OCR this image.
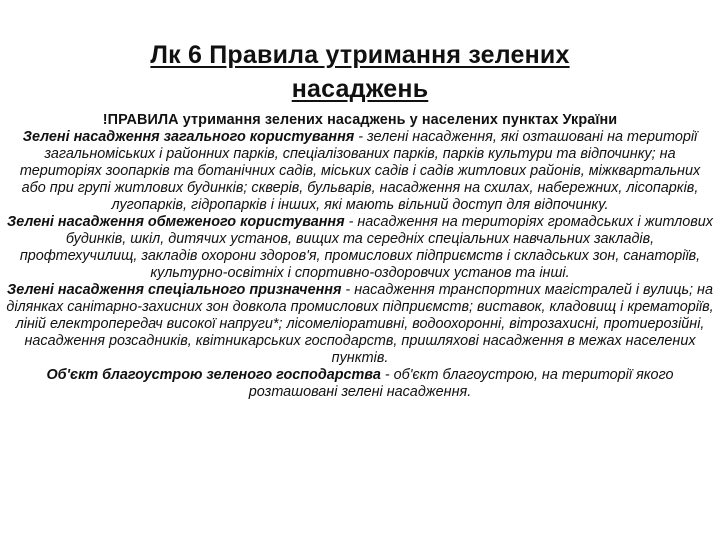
Лк 6 Правила утримання зелених
насаджень

!ПРАВИЛА утримання зелених насаджень у населених пунктах України

Зелені насадження загального користування - зелені насадження, які озташовані на території загальноміських і районних парків, спеціалізованих парків, парків культури та відпочинку; на територіях зоопарків та ботанічних садів, міських садів і садів житлових районів, міжквартальних або при групі житлових будинків; скверів, бульварів, насадження на схилах, набережних, лісопарків, лугопарків, гідропарків і інших, які мають вільний доступ для відпочинку.

Зелені насадження обмеженого користування - насадження на територіях громадських і житлових будинків, шкіл, дитячих установ, вищих та середніх спеціальних навчальних закладів, профтехучилищ, закладів охорони здоров'я, промислових підприємств і складських зон, санаторіїв, культурно-освітніх і спортивно-оздоровчих установ та інші.

Зелені насадження спеціального призначення - насадження транспортних магістралей і вулиць; на ділянках санітарно-захисних зон довкола промислових підприємств; виставок, кладовищ і крематоріїв, ліній електропередач високої напруги*; лісомеліоративні, водоохоронні, вітрозахисні, протиерозійні, насадження розсадників, квітникарських господарств, пришляхові насадження в межах населених пунктів.

Об'єкт благоустрою зеленого господарства - об'єкт благоустрою, на території якого розташовані зелені насадження.
